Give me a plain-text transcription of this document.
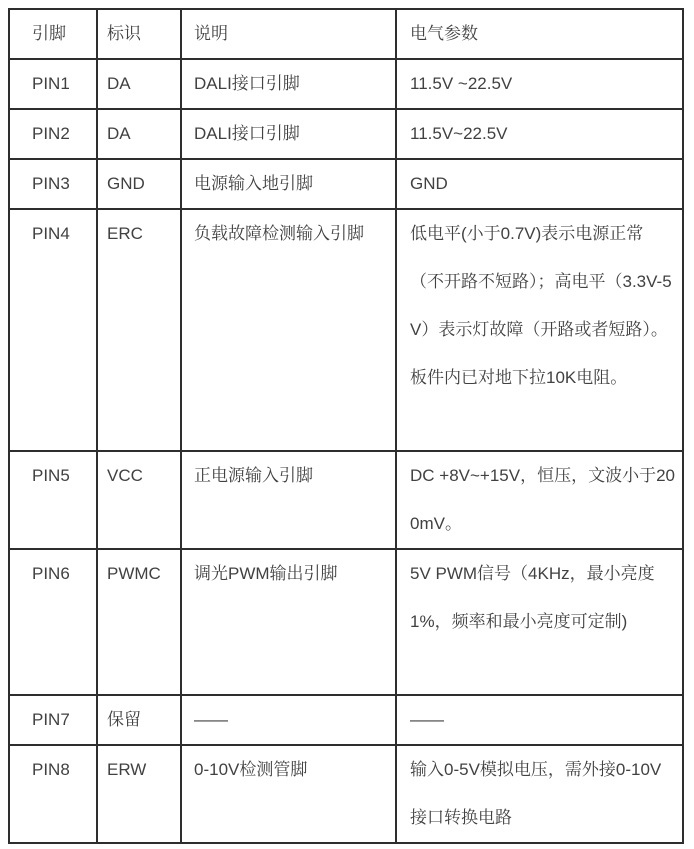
引脚	标识	说明	电气参数
PIN1	DA	DALI接口引脚	11.5V ~22.5V
PIN2	DA	DALI接口引脚	11.5V~22.5V
PIN3	GND	电源输入地引脚	GND
PIN4	ERC	负载故障检测输入引脚	低电平(小于0.7V)表示电源正常（不开路不短路）；高电平（3.3V-5V）表示灯故障（开路或者短路）。板件内已对地下拉10K电阻。
PIN5	VCC	正电源输入引脚	DC +8V~+15V，恒压，文波小于200mV。
PIN6	PWMC	调光PWM输出引脚	5V PWM信号（4KHz，最小亮度1%，频率和最小亮度可定制)
PIN7	保留	——	——
PIN8	ERW	0-10V检测管脚	输入0-5V模拟电压，需外接0-10V接口转换电路
